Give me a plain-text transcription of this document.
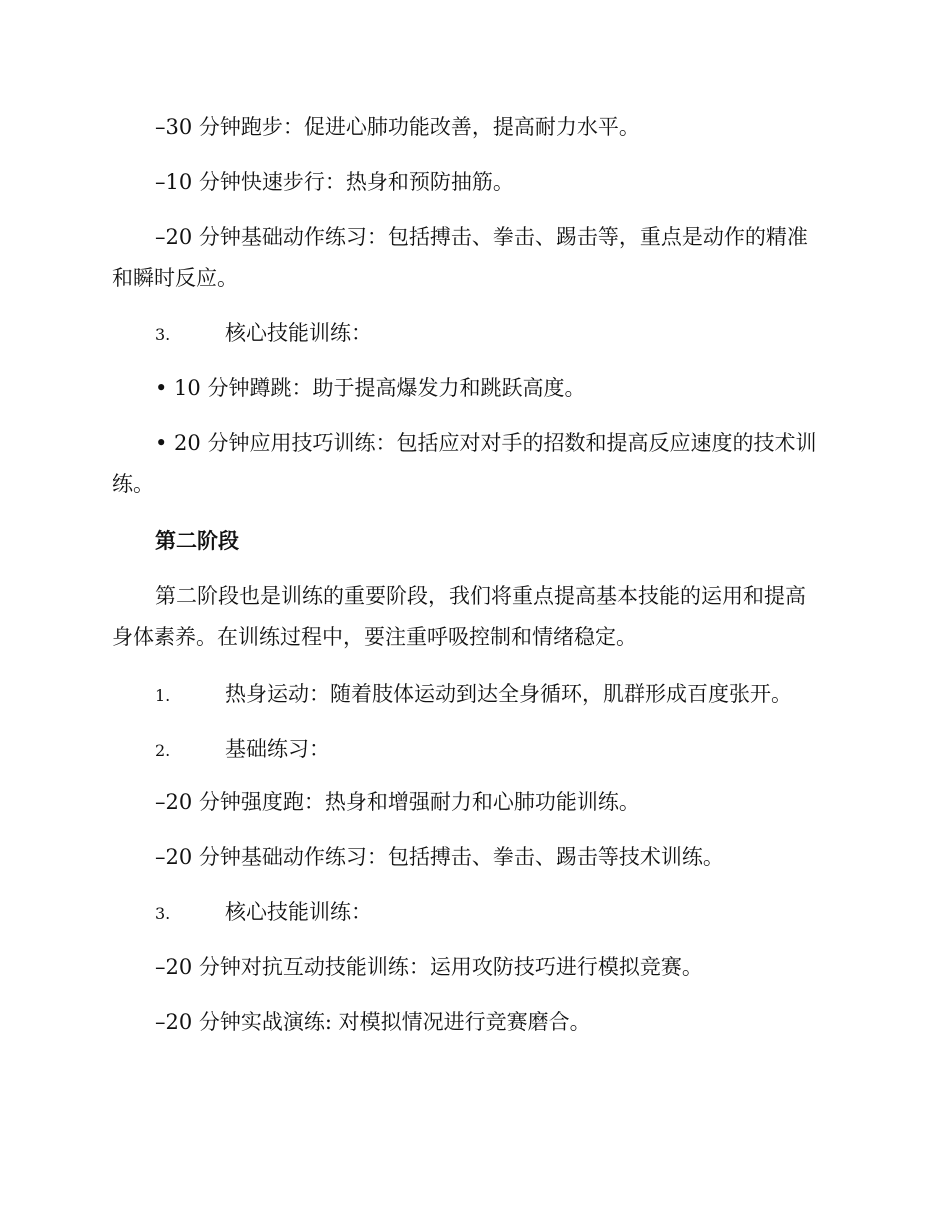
–30 分钟跑步：促进心肺功能改善，提高耐力水平。
–10 分钟快速步行：热身和预防抽筋。
–20 分钟基础动作练习：包括搏击、拳击、踢击等，重点是动作的精准
和瞬时反应。
3.	核心技能训练：
• 10 分钟蹲跳：助于提高爆发力和跳跃高度。
• 20 分钟应用技巧训练：包括应对对手的招数和提高反应速度的技术训
练。
第二阶段
第二阶段也是训练的重要阶段，我们将重点提高基本技能的运用和提高
身体素养。在训练过程中，要注重呼吸控制和情绪稳定。
1.	热身运动：随着肢体运动到达全身循环，肌群形成百度张开。
2.	基础练习：
–20 分钟强度跑：热身和增强耐力和心肺功能训练。
–20 分钟基础动作练习：包括搏击、拳击、踢击等技术训练。
3.	核心技能训练：
–20 分钟对抗互动技能训练：运用攻防技巧进行模拟竞赛。
–20 分钟实战演练: 对模拟情况进行竞赛磨合。
